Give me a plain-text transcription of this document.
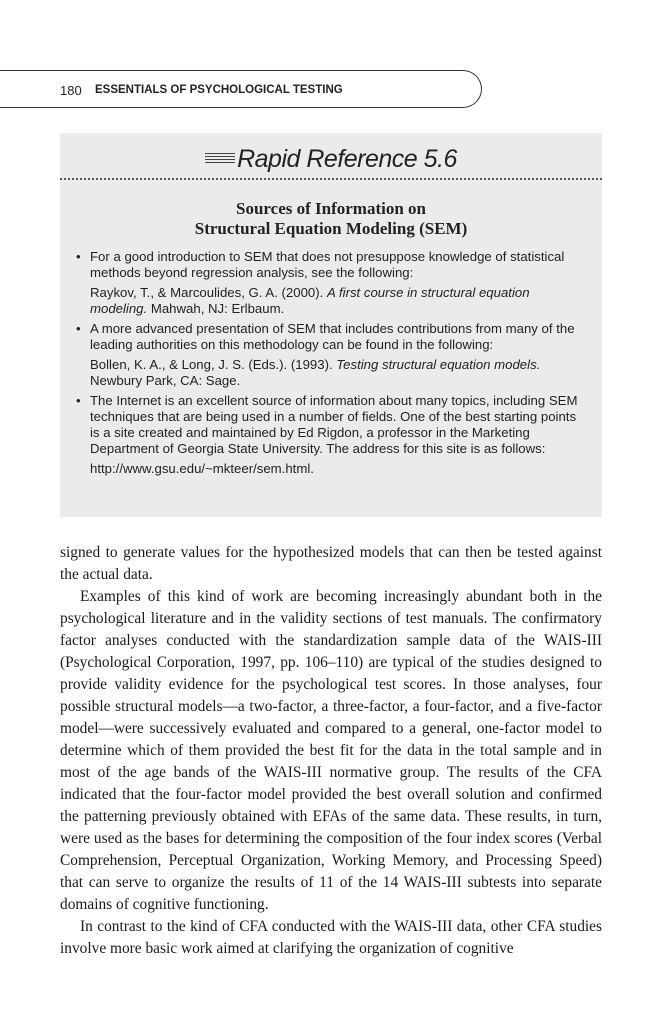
180 ESSENTIALS OF PSYCHOLOGICAL TESTING
Rapid Reference 5.6
Sources of Information on
Structural Equation Modeling (SEM)
• For a good introduction to SEM that does not presuppose knowledge of statistical methods beyond regression analysis, see the following:

Raykov, T., & Marcoulides, G. A. (2000). A first course in structural equation modeling. Mahwah, NJ: Erlbaum.

• A more advanced presentation of SEM that includes contributions from many of the leading authorities on this methodology can be found in the following:

Bollen, K. A., & Long, J. S. (Eds.). (1993). Testing structural equation models. Newbury Park, CA: Sage.

• The Internet is an excellent source of information about many topics, including SEM techniques that are being used in a number of fields. One of the best starting points is a site created and maintained by Ed Rigdon, a professor in the Marketing Department of Georgia State University. The address for this site is as follows:

http://www.gsu.edu/~mkteer/sem.html.

signed to generate values for the hypothesized models that can then be tested against the actual data.

Examples of this kind of work are becoming increasingly abundant both in the psychological literature and in the validity sections of test manuals. The confirmatory factor analyses conducted with the standardization sample data of the WAIS-III (Psychological Corporation, 1997, pp. 106–110) are typical of the studies designed to provide validity evidence for the psychological test scores. In those analyses, four possible structural models—a two-factor, a three-factor, a four-factor, and a five-factor model—were successively evaluated and compared to a general, one-factor model to determine which of them provided the best fit for the data in the total sample and in most of the age bands of the WAIS-III normative group. The results of the CFA indicated that the four-factor model provided the best overall solution and confirmed the patterning previously obtained with EFAs of the same data. These results, in turn, were used as the bases for determining the composition of the four index scores (Verbal Comprehension, Perceptual Organization, Working Memory, and Processing Speed) that can serve to organize the results of 11 of the 14 WAIS-III subtests into separate domains of cognitive functioning.

In contrast to the kind of CFA conducted with the WAIS-III data, other CFA studies involve more basic work aimed at clarifying the organization of cognitive
